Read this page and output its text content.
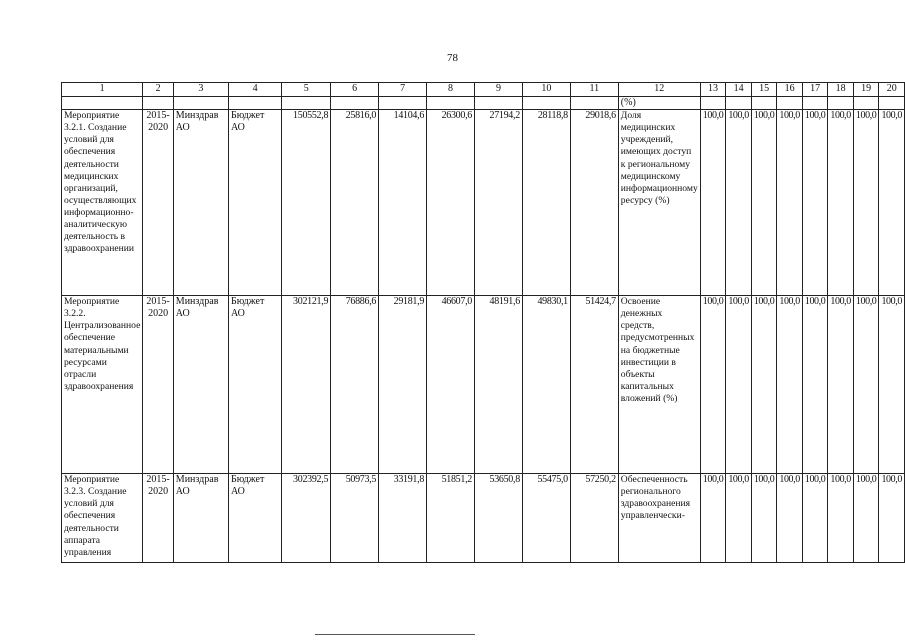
78
1	2	3	4	5	6	7	8	9	10	11	12	13	14	15	16	17	18	19	20
											(%)								
Мероприятие 3.2.1. Создание условий для обеспечения деятельности медицинских организаций, осуществляющих информационно-аналитическую деятельность в здравоохранении	2015-2020	Минздрав АО	Бюджет АО	150552,8	25816,0	14104,6	26300,6	27194,2	28118,8	29018,6	Доля медицинских учреждений, имеющих доступ к региональному медицинскому информационному ресурсу (%)	100,0	100,0	100,0	100,0	100,0	100,0	100,0	100,0
Мероприятие 3.2.2. Централизованное обеспечение материальными ресурсами отрасли здравоохранения	2015-2020	Минздрав АО	Бюджет АО	302121,9	76886,6	29181,9	46607,0	48191,6	49830,1	51424,7	Освоение денежных средств, предусмотренных на бюджетные инвестиции в объекты капитальных вложений (%)	100,0	100,0	100,0	100,0	100,0	100,0	100,0	100,0
Мероприятие 3.2.3. Создание условий для обеспечения деятельности аппарата управления	2015-2020	Минздрав АО	Бюджет АО	302392,5	50973,5	33191,8	51851,2	53650,8	55475,0	57250,2	Обеспеченность регионального здравоохранения управленчески-	100,0	100,0	100,0	100,0	100,0	100,0	100,0	100,0
